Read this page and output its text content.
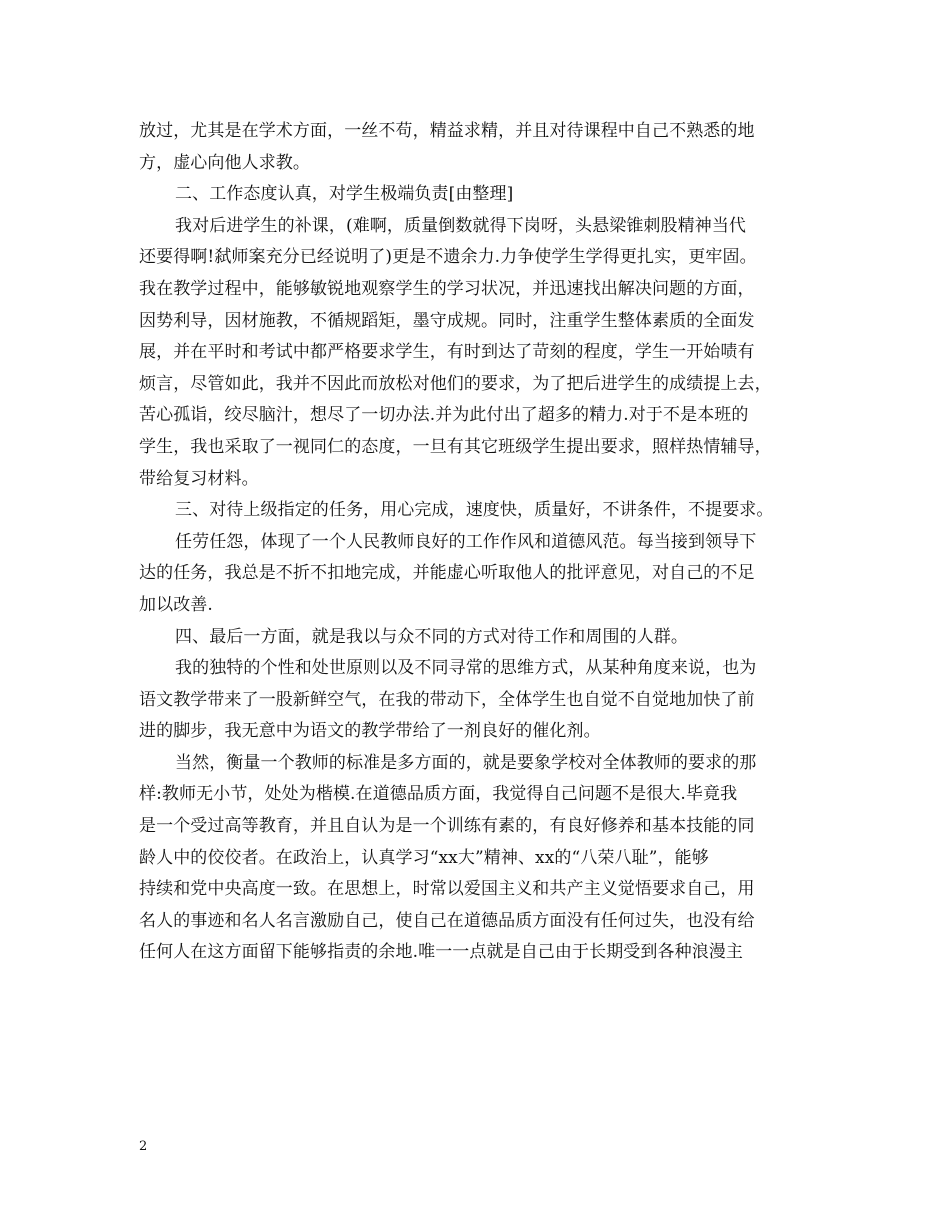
放过，尤其是在学术方面，一丝不苟，精益求精，并且对待课程中自己不熟悉的地
方，虚心向他人求教。
二、工作态度认真，对学生极端负责[由整理]
我对后进学生的补课，(难啊，质量倒数就得下岗呀，头悬梁锥刺股精神当代
还要得啊!弑师案充分已经说明了)更是不遗余力.力争使学生学得更扎实，更牢固。
我在教学过程中，能够敏锐地观察学生的学习状况，并迅速找出解决问题的方面，
因势利导，因材施教，不循规蹈矩，墨守成规。同时，注重学生整体素质的全面发
展，并在平时和考试中都严格要求学生，有时到达了苛刻的程度，学生一开始啧有
烦言，尽管如此，我并不因此而放松对他们的要求，为了把后进学生的成绩提上去，
苦心孤诣，绞尽脑汁，想尽了一切办法.并为此付出了超多的精力.对于不是本班的
学生，我也采取了一视同仁的态度，一旦有其它班级学生提出要求，照样热情辅导，
带给复习材料。
三、对待上级指定的任务，用心完成，速度快，质量好，不讲条件，不提要求。
任劳任怨，体现了一个人民教师良好的工作作风和道德风范。每当接到领导下
达的任务，我总是不折不扣地完成，并能虚心听取他人的批评意见，对自己的不足
加以改善.
四、最后一方面，就是我以与众不同的方式对待工作和周围的人群。
我的独特的个性和处世原则以及不同寻常的思维方式，从某种角度来说，也为
语文教学带来了一股新鲜空气，在我的带动下，全体学生也自觉不自觉地加快了前
进的脚步，我无意中为语文的教学带给了一剂良好的催化剂。
当然，衡量一个教师的标准是多方面的，就是要象学校对全体教师的要求的那
样:教师无小节，处处为楷模.在道德品质方面，我觉得自己问题不是很大.毕竟我
是一个受过高等教育，并且自认为是一个训练有素的，有良好修养和基本技能的同
龄人中的佼佼者。在政治上，认真学习“xx大”精神、xx的“八荣八耻”，能够
持续和党中央高度一致。在思想上，时常以爱国主义和共产主义觉悟要求自己，用
名人的事迹和名人名言激励自己，使自己在道德品质方面没有任何过失，也没有给
任何人在这方面留下能够指责的余地.唯一一点就是自己由于长期受到各种浪漫主
2
